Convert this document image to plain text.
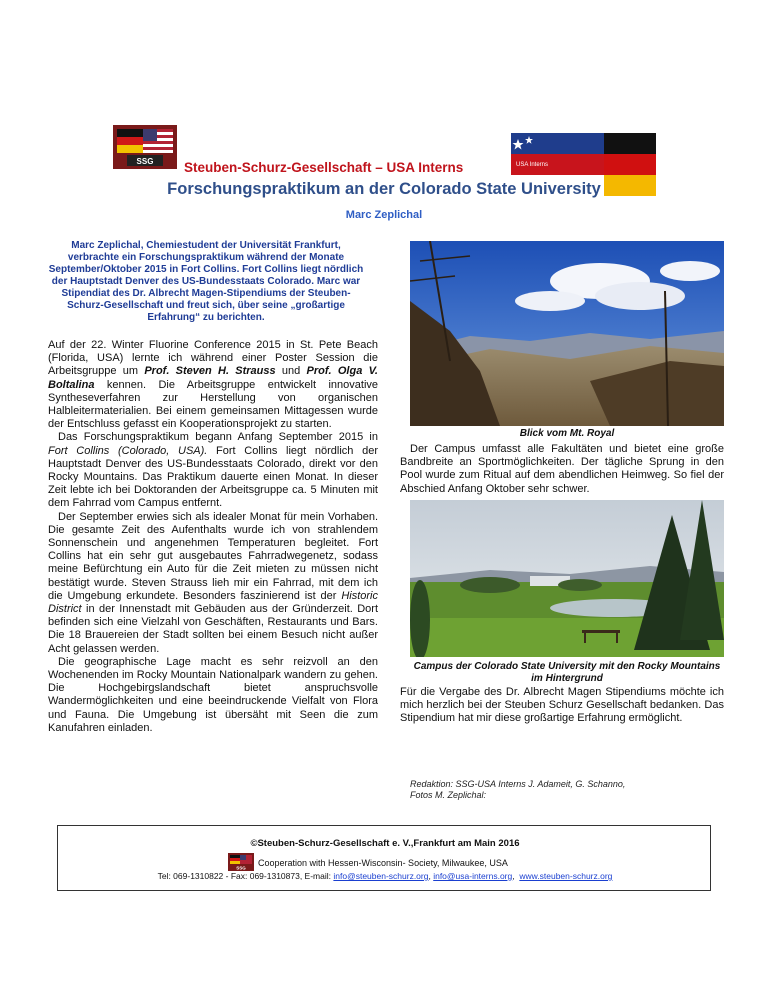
SSG	USA Interns
Steuben-Schurz-Gesellschaft – USA Interns
Forschungspraktikum an der Colorado State University
Marc Zeplichal
Marc Zeplichal, Chemiestudent der Universität Frankfurt, verbrachte ein Forschungspraktikum während der Monate September/Oktober 2015 in Fort Collins. Fort Collins liegt nördlich der Hauptstadt Denver des US-Bundesstaats Colorado. Marc war Stipendiat des Dr. Albrecht Magen-Stipendiums der Steuben-Schurz-Gesellschaft und freut sich, über seine „großartige Erfahrung“ zu berichten.

Auf der 22. Winter Fluorine Conference 2015 in St. Pete Beach (Florida, USA) lernte ich während einer Poster Session die Arbeitsgruppe um Prof. Steven H. Strauss und Prof. Olga V. Boltalina kennen. Die Arbeitsgruppe entwickelt innovative Syntheseverfahren zur Herstellung von organischen Halbleitermaterialien. Bei einem gemeinsamen Mittagessen wurde der Entschluss gefasst ein Kooperationsprojekt zu starten.

Das Forschungspraktikum begann Anfang September 2015 in Fort Collins (Colorado, USA). Fort Collins liegt nördlich der Hauptstadt Denver des US-Bundesstaats Colorado, direkt vor den Rocky Mountains. Das Praktikum dauerte einen Monat. In dieser Zeit lebte ich bei Doktoranden der Arbeitsgruppe ca. 5 Minuten mit dem Fahrrad vom Campus entfernt.

Der September erwies sich als idealer Monat für mein Vorhaben. Die gesamte Zeit des Aufenthalts wurde ich von strahlendem Sonnenschein und angenehmen Temperaturen begleitet. Fort Collins hat ein sehr gut ausgebautes Fahrradwegenetz, sodass meine Befürchtung ein Auto für die Zeit mieten zu müssen nicht bestätigt wurde. Steven Strauss lieh mir ein Fahrrad, mit dem ich die Umgebung erkundete. Besonders faszinierend ist der Historic District in der Innenstadt mit Gebäuden aus der Gründerzeit. Dort befinden sich eine Vielzahl von Geschäften, Restaurants und Bars. Die 18 Brauereien der Stadt sollten bei einem Besuch nicht außer Acht gelassen werden.

Die geographische Lage macht es sehr reizvoll an den Wochenenden im Rocky Mountain Nationalpark wandern zu gehen. Die Hochgebirgslandschaft bietet anspruchsvolle Wandermöglichkeiten und eine beeindruckende Vielfalt von Flora und Fauna. Die Umgebung ist übersäht mit Seen die zum Kanufahren einladen.

Blick vom Mt. Royal

Der Campus umfasst alle Fakultäten und bietet eine große Bandbreite an Sportmöglichkeiten. Der tägliche Sprung in den Pool wurde zum Ritual auf dem abendlichen Heimweg. So fiel der Abschied Anfang Oktober sehr schwer.

Campus der Colorado State University mit den Rocky Mountains im Hintergrund

Für die Vergabe des Dr. Albrecht Magen Stipendiums möchte ich mich herzlich bei der Steuben Schurz Gesellschaft bedanken. Das Stipendium hat mir diese großartige Erfahrung ermöglicht.

Redaktion: SSG-USA Interns J. Adameit, G. Schanno,
Fotos M. Zeplichal:
©Steuben-Schurz-Gesellschaft e. V.,Frankfurt am Main 2016
SSG Cooperation with Hessen-Wisconsin- Society, Milwaukee, USA
Tel: 069-1310822 - Fax: 069-1310873, E-mail: info@steuben-schurz.org, info@usa-interns.org,  www.steuben-schurz.org
